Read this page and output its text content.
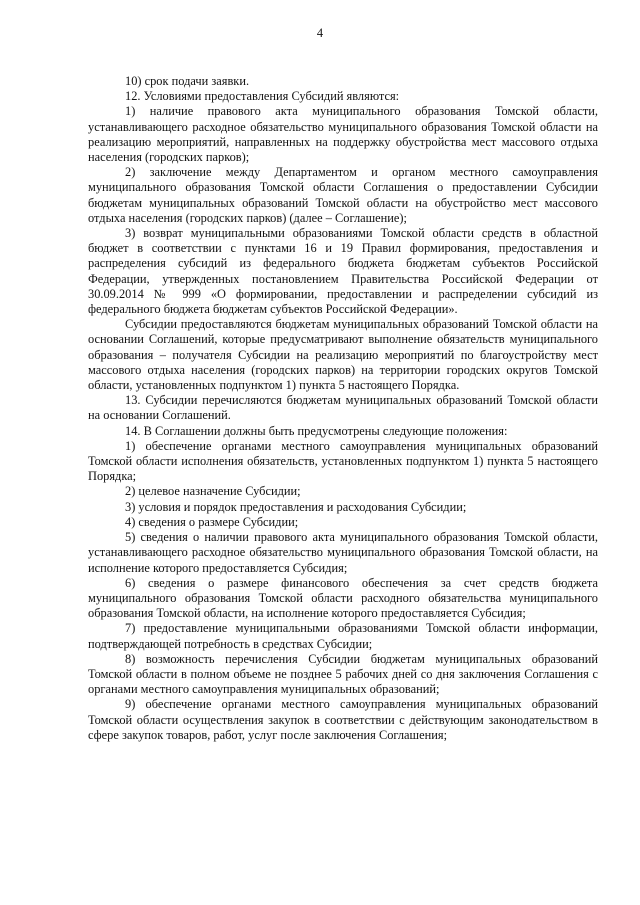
4

10) срок подачи заявки.

12. Условиями предоставления Субсидий являются:

1) наличие правового акта муниципального образования Томской области, устанавливающего расходное обязательство муниципального образования Томской области на реализацию мероприятий, направленных на поддержку обустройства мест массового отдыха населения (городских парков);

2) заключение между Департаментом и органом местного самоуправления муниципального образования Томской области Соглашения о предоставлении Субсидии бюджетам муниципальных образований Томской области на обустройство мест массового отдыха населения (городских парков) (далее – Соглашение);

3) возврат муниципальными образованиями Томской области средств в областной бюджет в соответствии с пунктами 16 и 19 Правил формирования, предоставления и распределения субсидий из федерального бюджета бюджетам субъектов Российской Федерации, утвержденных постановлением Правительства Российской Федерации от 30.09.2014 № 999 «О формировании, предоставлении и распределении субсидий из федерального бюджета бюджетам субъектов Российской Федерации».

Субсидии предоставляются бюджетам муниципальных образований Томской области на основании Соглашений, которые предусматривают выполнение обязательств муниципального образования – получателя Субсидии на реализацию мероприятий по благоустройству мест массового отдыха населения (городских парков) на территории городских округов Томской области, установленных подпунктом 1) пункта 5 настоящего Порядка.

13. Субсидии перечисляются бюджетам муниципальных образований Томской области на основании Соглашений.

14. В Соглашении должны быть предусмотрены следующие положения:

1) обеспечение органами местного самоуправления муниципальных образований Томской области исполнения обязательств, установленных подпунктом 1) пункта 5 настоящего Порядка;

2) целевое назначение Субсидии;

3) условия и порядок предоставления и расходования Субсидии;

4) сведения о размере Субсидии;

5) сведения о наличии правового акта муниципального образования Томской области, устанавливающего расходное обязательство муниципального образования Томской области, на исполнение которого предоставляется Субсидия;

6) сведения о размере финансового обеспечения за счет средств бюджета муниципального образования Томской области расходного обязательства муниципального образования Томской области, на исполнение которого предоставляется Субсидия;

7) предоставление муниципальными образованиями Томской области информации, подтверждающей потребность в средствах Субсидии;

8) возможность перечисления Субсидии бюджетам муниципальных образований Томской области в полном объеме не позднее 5 рабочих дней со дня заключения Соглашения с органами местного самоуправления муниципальных образований;

9) обеспечение органами местного самоуправления муниципальных образований Томской области осуществления закупок в соответствии с действующим законодательством в сфере закупок товаров, работ, услуг после заключения Соглашения;
